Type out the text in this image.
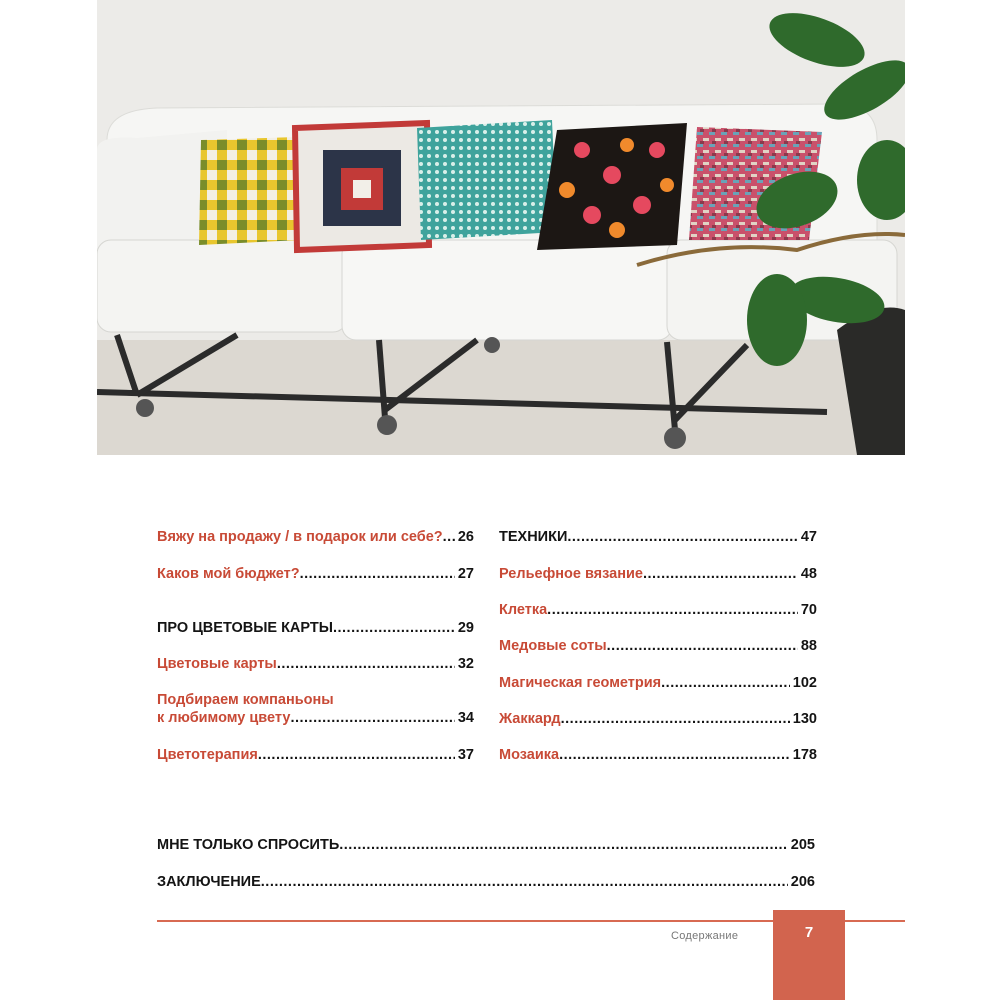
Вяжу на продажу / в подарок или себе? ..... 26
Каков мой бюджет? .....	27
ПРО ЦВЕТОВЫЕ КАРТЫ .....	29
Цветовые карты .....	32
Подбираем компаньоны
к любимому цвету .....	34
Цветотерапия .....	37
ТЕХНИКИ .....	47
Рельефное вязание .....	48
Клетка .....	70
Медовые соты .....	88
Магическая геометрия .....	102
Жаккард .....	130
Мозаика .....	178
МНЕ ТОЛЬКО СПРОСИТЬ .....	205
ЗАКЛЮЧЕНИЕ .....	206
Содержание	7
